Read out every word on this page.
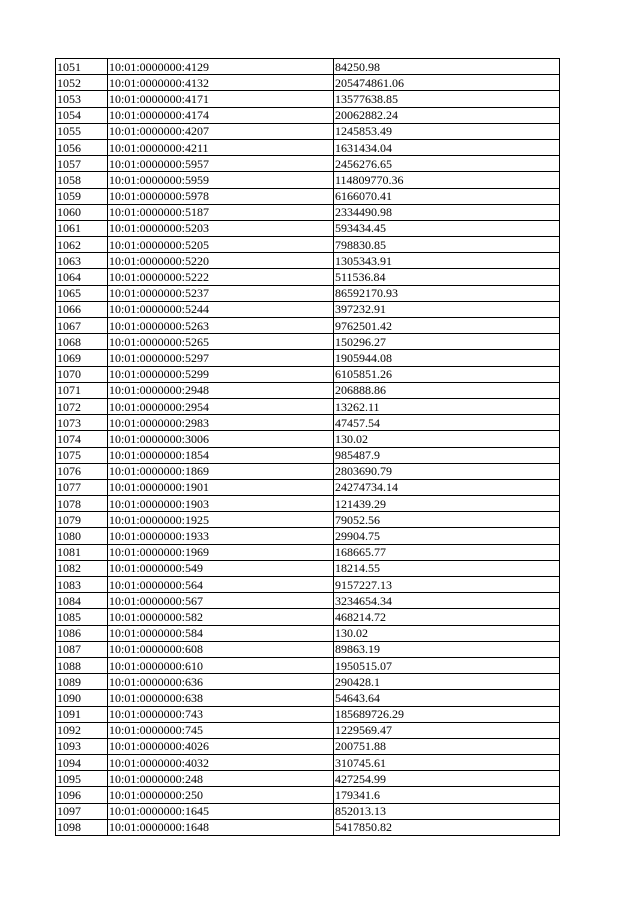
1051	10:01:0000000:4129	84250.98
1052	10:01:0000000:4132	205474861.06
1053	10:01:0000000:4171	13577638.85
1054	10:01:0000000:4174	20062882.24
1055	10:01:0000000:4207	1245853.49
1056	10:01:0000000:4211	1631434.04
1057	10:01:0000000:5957	2456276.65
1058	10:01:0000000:5959	114809770.36
1059	10:01:0000000:5978	6166070.41
1060	10:01:0000000:5187	2334490.98
1061	10:01:0000000:5203	593434.45
1062	10:01:0000000:5205	798830.85
1063	10:01:0000000:5220	1305343.91
1064	10:01:0000000:5222	511536.84
1065	10:01:0000000:5237	86592170.93
1066	10:01:0000000:5244	397232.91
1067	10:01:0000000:5263	9762501.42
1068	10:01:0000000:5265	150296.27
1069	10:01:0000000:5297	1905944.08
1070	10:01:0000000:5299	6105851.26
1071	10:01:0000000:2948	206888.86
1072	10:01:0000000:2954	13262.11
1073	10:01:0000000:2983	47457.54
1074	10:01:0000000:3006	130.02
1075	10:01:0000000:1854	985487.9
1076	10:01:0000000:1869	2803690.79
1077	10:01:0000000:1901	24274734.14
1078	10:01:0000000:1903	121439.29
1079	10:01:0000000:1925	79052.56
1080	10:01:0000000:1933	29904.75
1081	10:01:0000000:1969	168665.77
1082	10:01:0000000:549	18214.55
1083	10:01:0000000:564	9157227.13
1084	10:01:0000000:567	3234654.34
1085	10:01:0000000:582	468214.72
1086	10:01:0000000:584	130.02
1087	10:01:0000000:608	89863.19
1088	10:01:0000000:610	1950515.07
1089	10:01:0000000:636	290428.1
1090	10:01:0000000:638	54643.64
1091	10:01:0000000:743	185689726.29
1092	10:01:0000000:745	1229569.47
1093	10:01:0000000:4026	200751.88
1094	10:01:0000000:4032	310745.61
1095	10:01:0000000:248	427254.99
1096	10:01:0000000:250	179341.6
1097	10:01:0000000:1645	852013.13
1098	10:01:0000000:1648	5417850.82
